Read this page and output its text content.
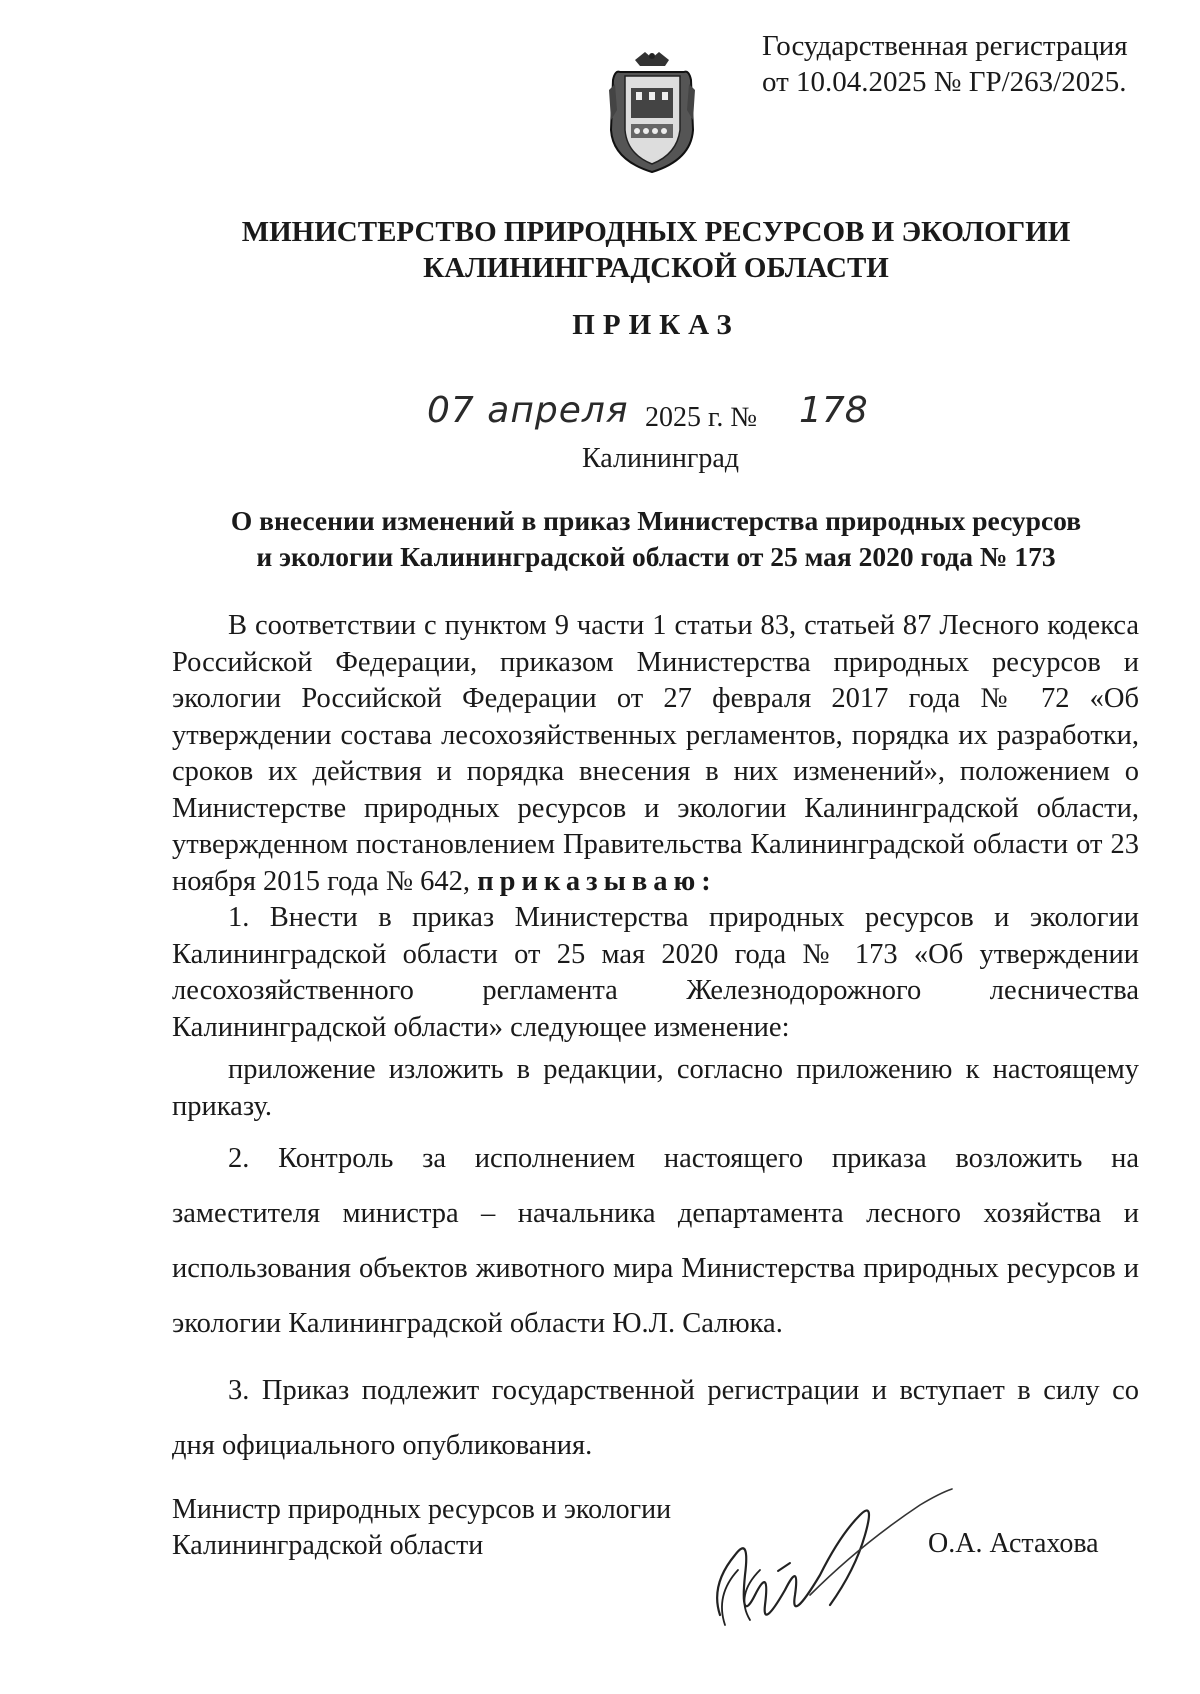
Государственная регистрация
от 10.04.2025 № ГР/263/2025.
МИНИСТЕРСТВО ПРИРОДНЫХ РЕСУРСОВ И ЭКОЛОГИИ
КАЛИНИНГРАДСКОЙ ОБЛАСТИ
ПРИКАЗ
07 апреля 2025 г. № 178
Калининград
О внесении изменений в приказ Министерства природных ресурсов
и экологии Калининградской области от 25 мая 2020 года № 173

В соответствии с пунктом 9 части 1 статьи 83, статьей 87 Лесного кодекса Российской Федерации, приказом Министерства природных ресурсов и экологии Российской Федерации от 27 февраля 2017 года № 72 «Об утверждении состава лесохозяйственных регламентов, порядка их разработки, сроков их действия и порядка внесения в них изменений», положением о Министерстве природных ресурсов и экологии Калининградской области, утвержденном постановлением Правительства Калининградской области от 23 ноября 2015 года № 642, приказываю:

1. Внести в приказ Министерства природных ресурсов и экологии Калининградской области от 25 мая 2020 года № 173 «Об утверждении лесохозяйственного регламента Железнодорожного лесничества Калининградской области» следующее изменение:

приложение изложить в редакции, согласно приложению к настоящему приказу.

2. Контроль за исполнением настоящего приказа возложить на заместителя министра – начальника департамента лесного хозяйства и использования объектов животного мира Министерства природных ресурсов и экологии Калининградской области Ю.Л. Салюка.

3. Приказ подлежит государственной регистрации и вступает в силу со дня официального опубликования.

Министр природных ресурсов и экологии
Калининградской области	О.А. Астахова
